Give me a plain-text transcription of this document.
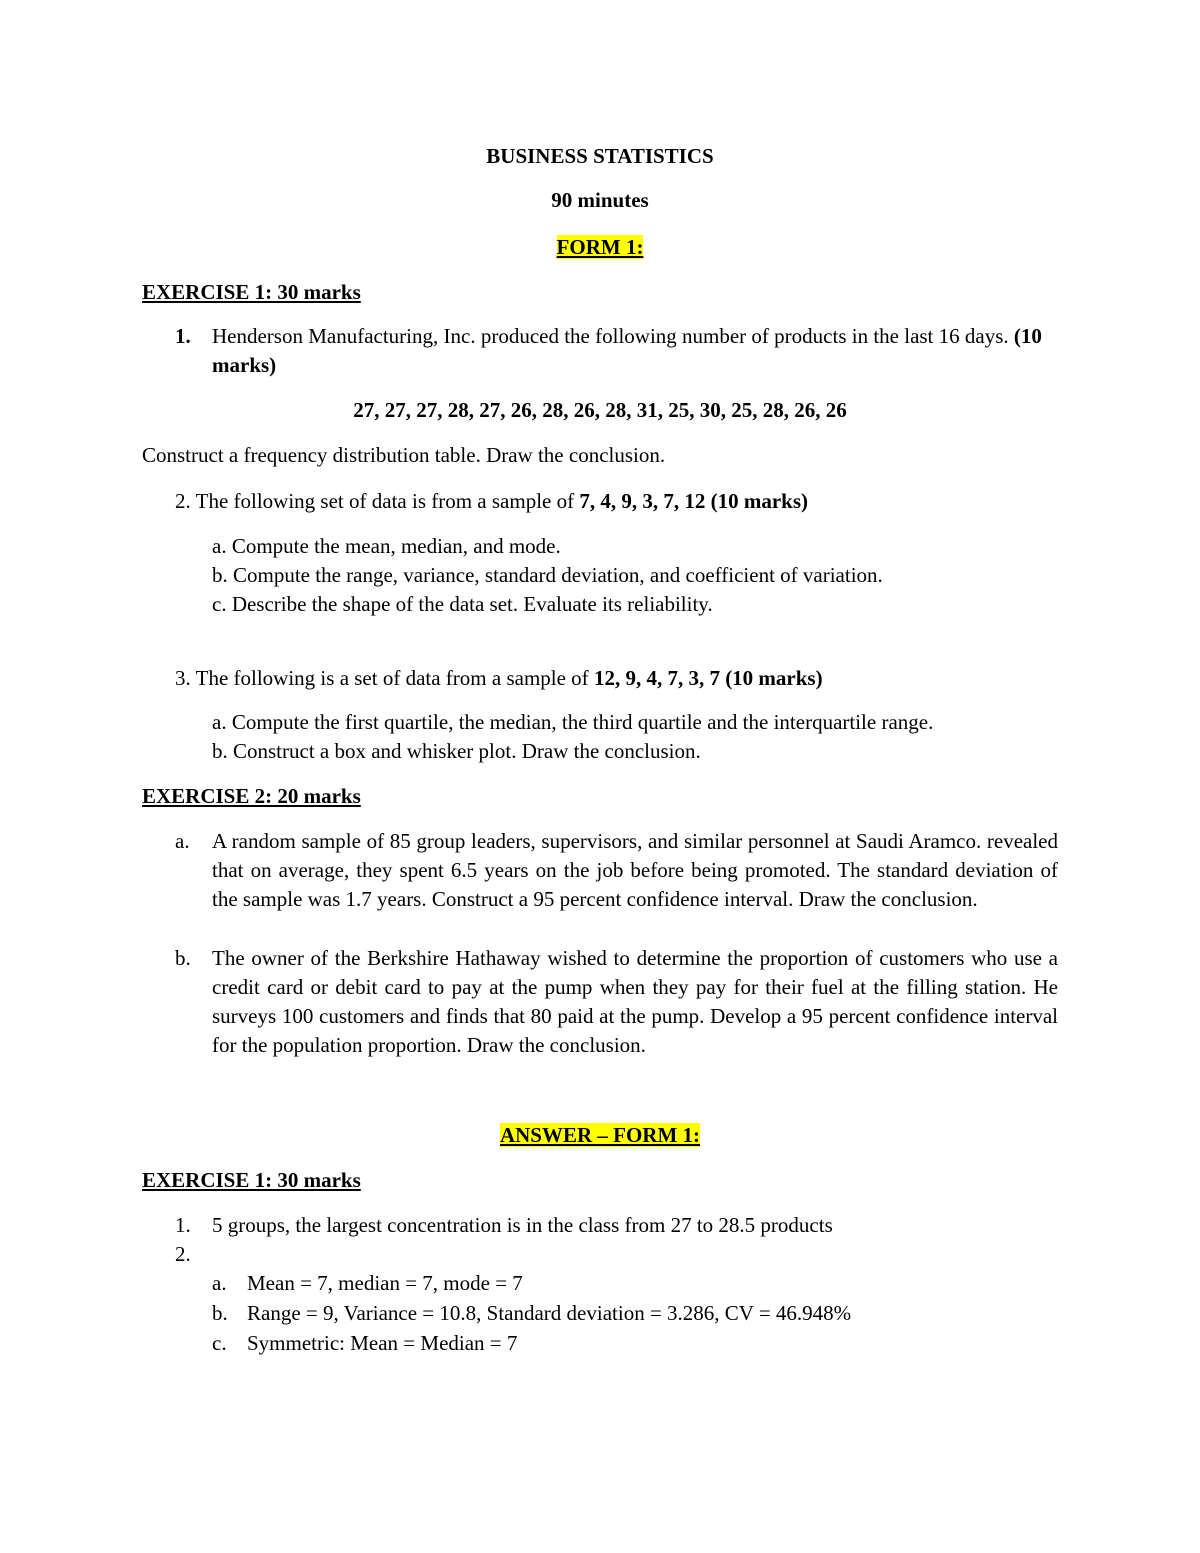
BUSINESS STATISTICS
90 minutes
FORM 1:
EXERCISE 1: 30 marks
1. Henderson Manufacturing, Inc. produced the following number of products in the last 16 days. (10 marks)
27, 27, 27, 28, 27, 26, 28, 26, 28, 31, 25, 30, 25, 28, 26, 26
Construct a frequency distribution table. Draw the conclusion.
2. The following set of data is from a sample of 7, 4, 9, 3, 7, 12 (10 marks)
a. Compute the mean, median, and mode.
b. Compute the range, variance, standard deviation, and coefficient of variation.
c. Describe the shape of the data set. Evaluate its reliability.
3. The following is a set of data from a sample of 12, 9, 4, 7, 3, 7 (10 marks)
a. Compute the first quartile, the median, the third quartile and the interquartile range.
b. Construct a box and whisker plot. Draw the conclusion.
EXERCISE 2: 20 marks
a. A random sample of 85 group leaders, supervisors, and similar personnel at Saudi Aramco. revealed that on average, they spent 6.5 years on the job before being promoted. The standard deviation of the sample was 1.7 years. Construct a 95 percent confidence interval. Draw the conclusion.
b. The owner of the Berkshire Hathaway wished to determine the proportion of customers who use a credit card or debit card to pay at the pump when they pay for their fuel at the filling station. He surveys 100 customers and finds that 80 paid at the pump. Develop a 95 percent confidence interval for the population proportion. Draw the conclusion.
ANSWER – FORM 1:
EXERCISE 1: 30 marks
1. 5 groups, the largest concentration is in the class from 27 to 28.5 products
2.
a. Mean = 7, median = 7, mode = 7
b. Range = 9, Variance = 10.8, Standard deviation = 3.286, CV = 46.948%
c. Symmetric: Mean = Median = 7
